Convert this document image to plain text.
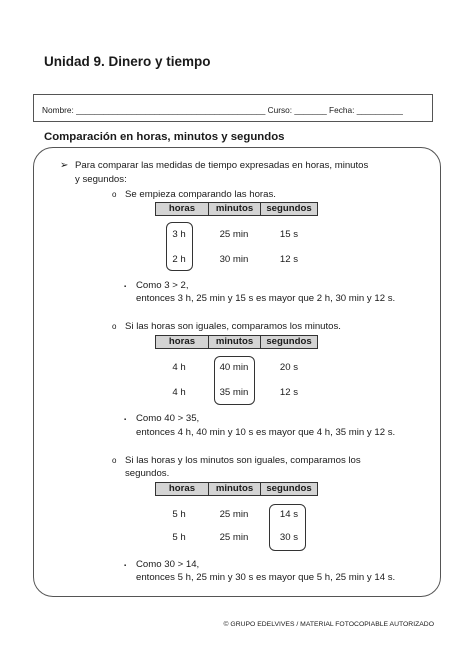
Unidad 9. Dinero y tiempo
Nombre: _________________________________________ Curso: _______ Fecha: __________
Comparación en horas, minutos y segundos
➢ Para comparar las medidas de tiempo expresadas en horas, minutos
y segundos:
o Se empieza comparando las horas.
horas	minutos	segundos
3 h	25 min	15 s
2 h	30 min	12 s
▪ Como 3 > 2,
entonces 3 h, 25 min y 15 s es mayor que 2 h, 30 min y 12 s.
o Si las horas son iguales, comparamos los minutos.
horas	minutos	segundos
4 h	40 min	20 s
4 h	35 min	12 s
▪ Como 40 > 35,
entonces 4 h, 40 min y 10 s es mayor que 4 h, 35 min y 12 s.
o Si las horas y los minutos son iguales, comparamos los
segundos.
horas	minutos	segundos
5 h	25 min	14 s
5 h	25 min	30 s
▪ Como 30 > 14,
entonces 5 h, 25 min y 30 s es mayor que 5 h, 25 min y 14 s.
© GRUPO EDELVIVES / MATERIAL FOTOCOPIABLE AUTORIZADO
